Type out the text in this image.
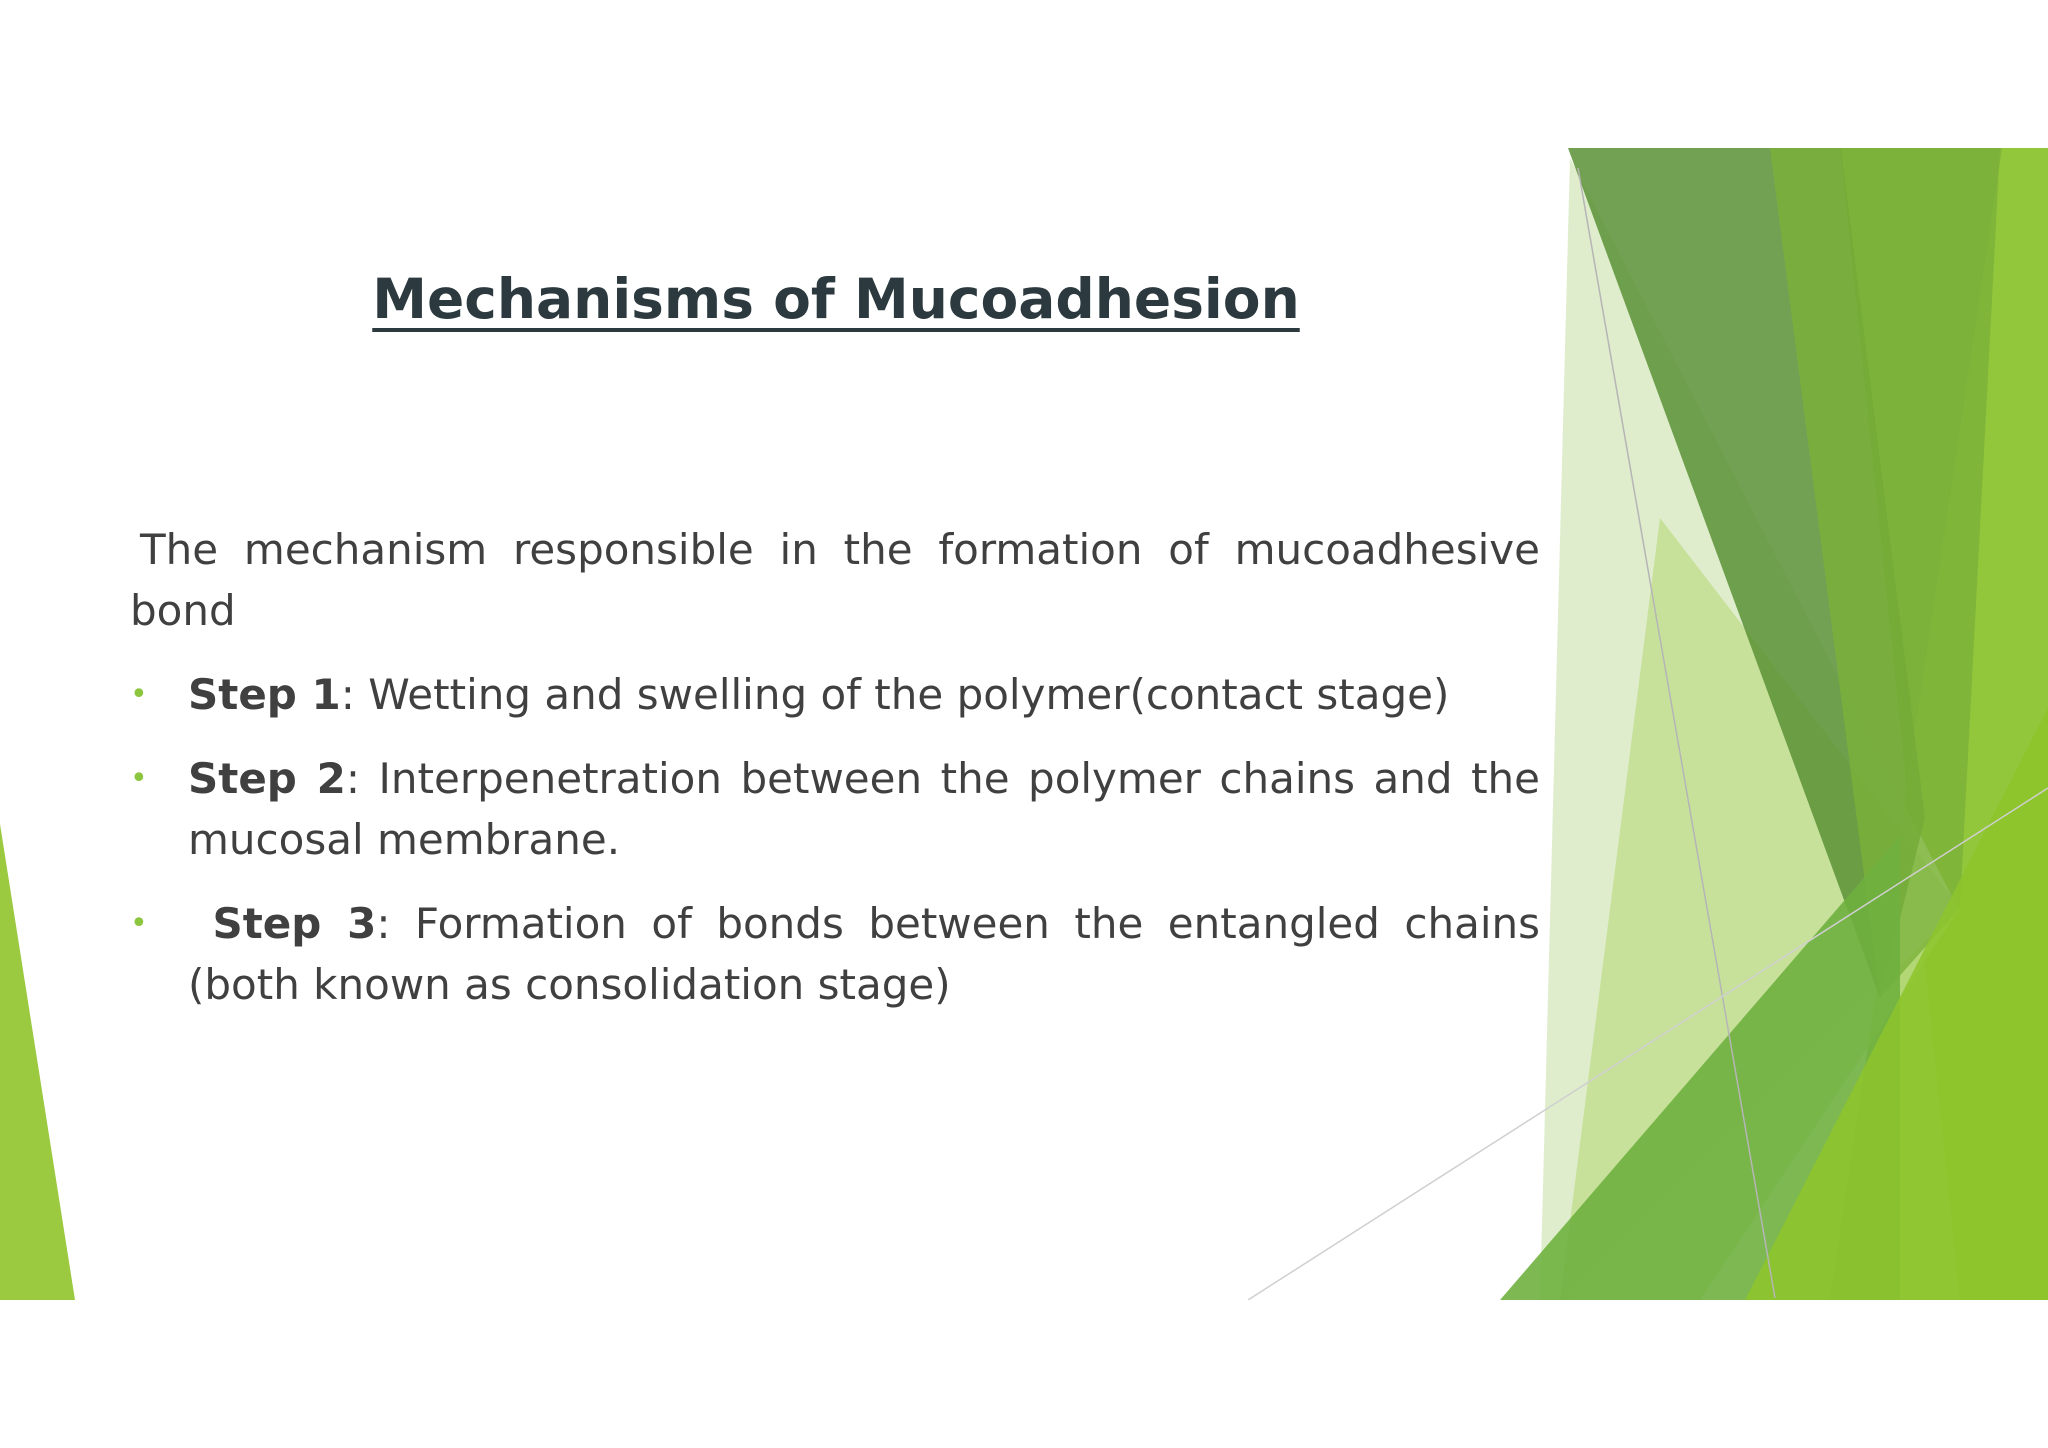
Mechanisms of Mucoadhesion

The mechanism responsible in the formation of mucoadhesive bond

• Step 1: Wetting and swelling of the polymer(contact stage)
• Step 2: Interpenetration between the polymer chains and the mucosal membrane.
• Step 3: Formation of bonds between the entangled chains (both known as consolidation stage)
